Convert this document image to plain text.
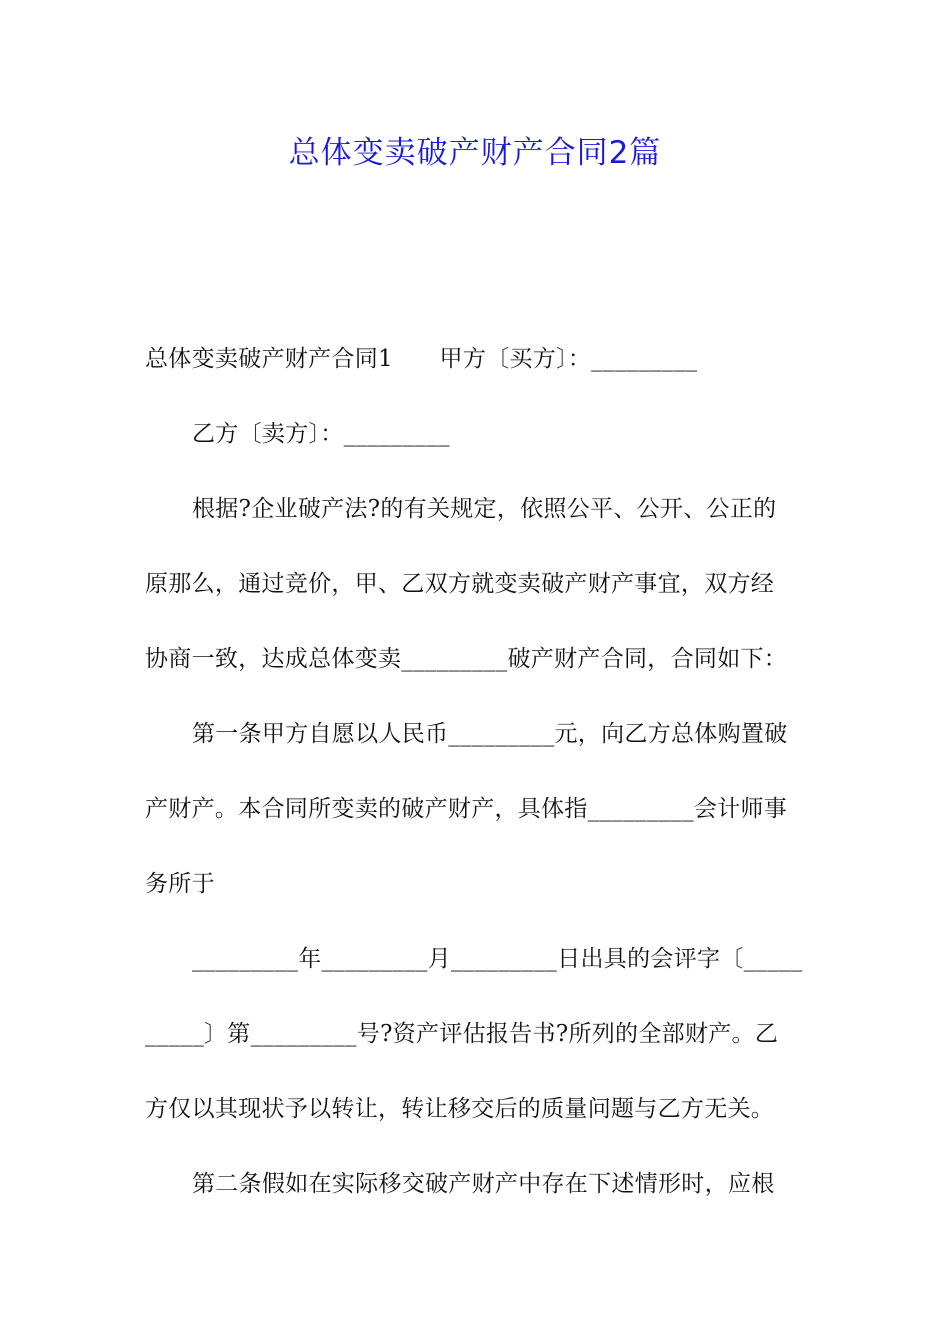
总体变卖破产财产合同2篇
总体变卖破产财产合同1　　甲方〔买方〕：_________
乙方〔卖方〕：_________
根据?企业破产法?的有关规定，依照公平、公开、公正的
原那么，通过竞价，甲、乙双方就变卖破产财产事宜，双方经
协商一致，达成总体变卖_________破产财产合同，合同如下：
第一条甲方自愿以人民币_________元，向乙方总体购置破
产财产。本合同所变卖的破产财产，具体指_________会计师事
务所于
_________年_________月_________日出具的会评字〔_____
_____〕第_________号?资产评估报告书?所列的全部财产。乙
方仅以其现状予以转让，转让移交后的质量问题与乙方无关。
第二条假如在实际移交破产财产中存在下述情形时，应根
